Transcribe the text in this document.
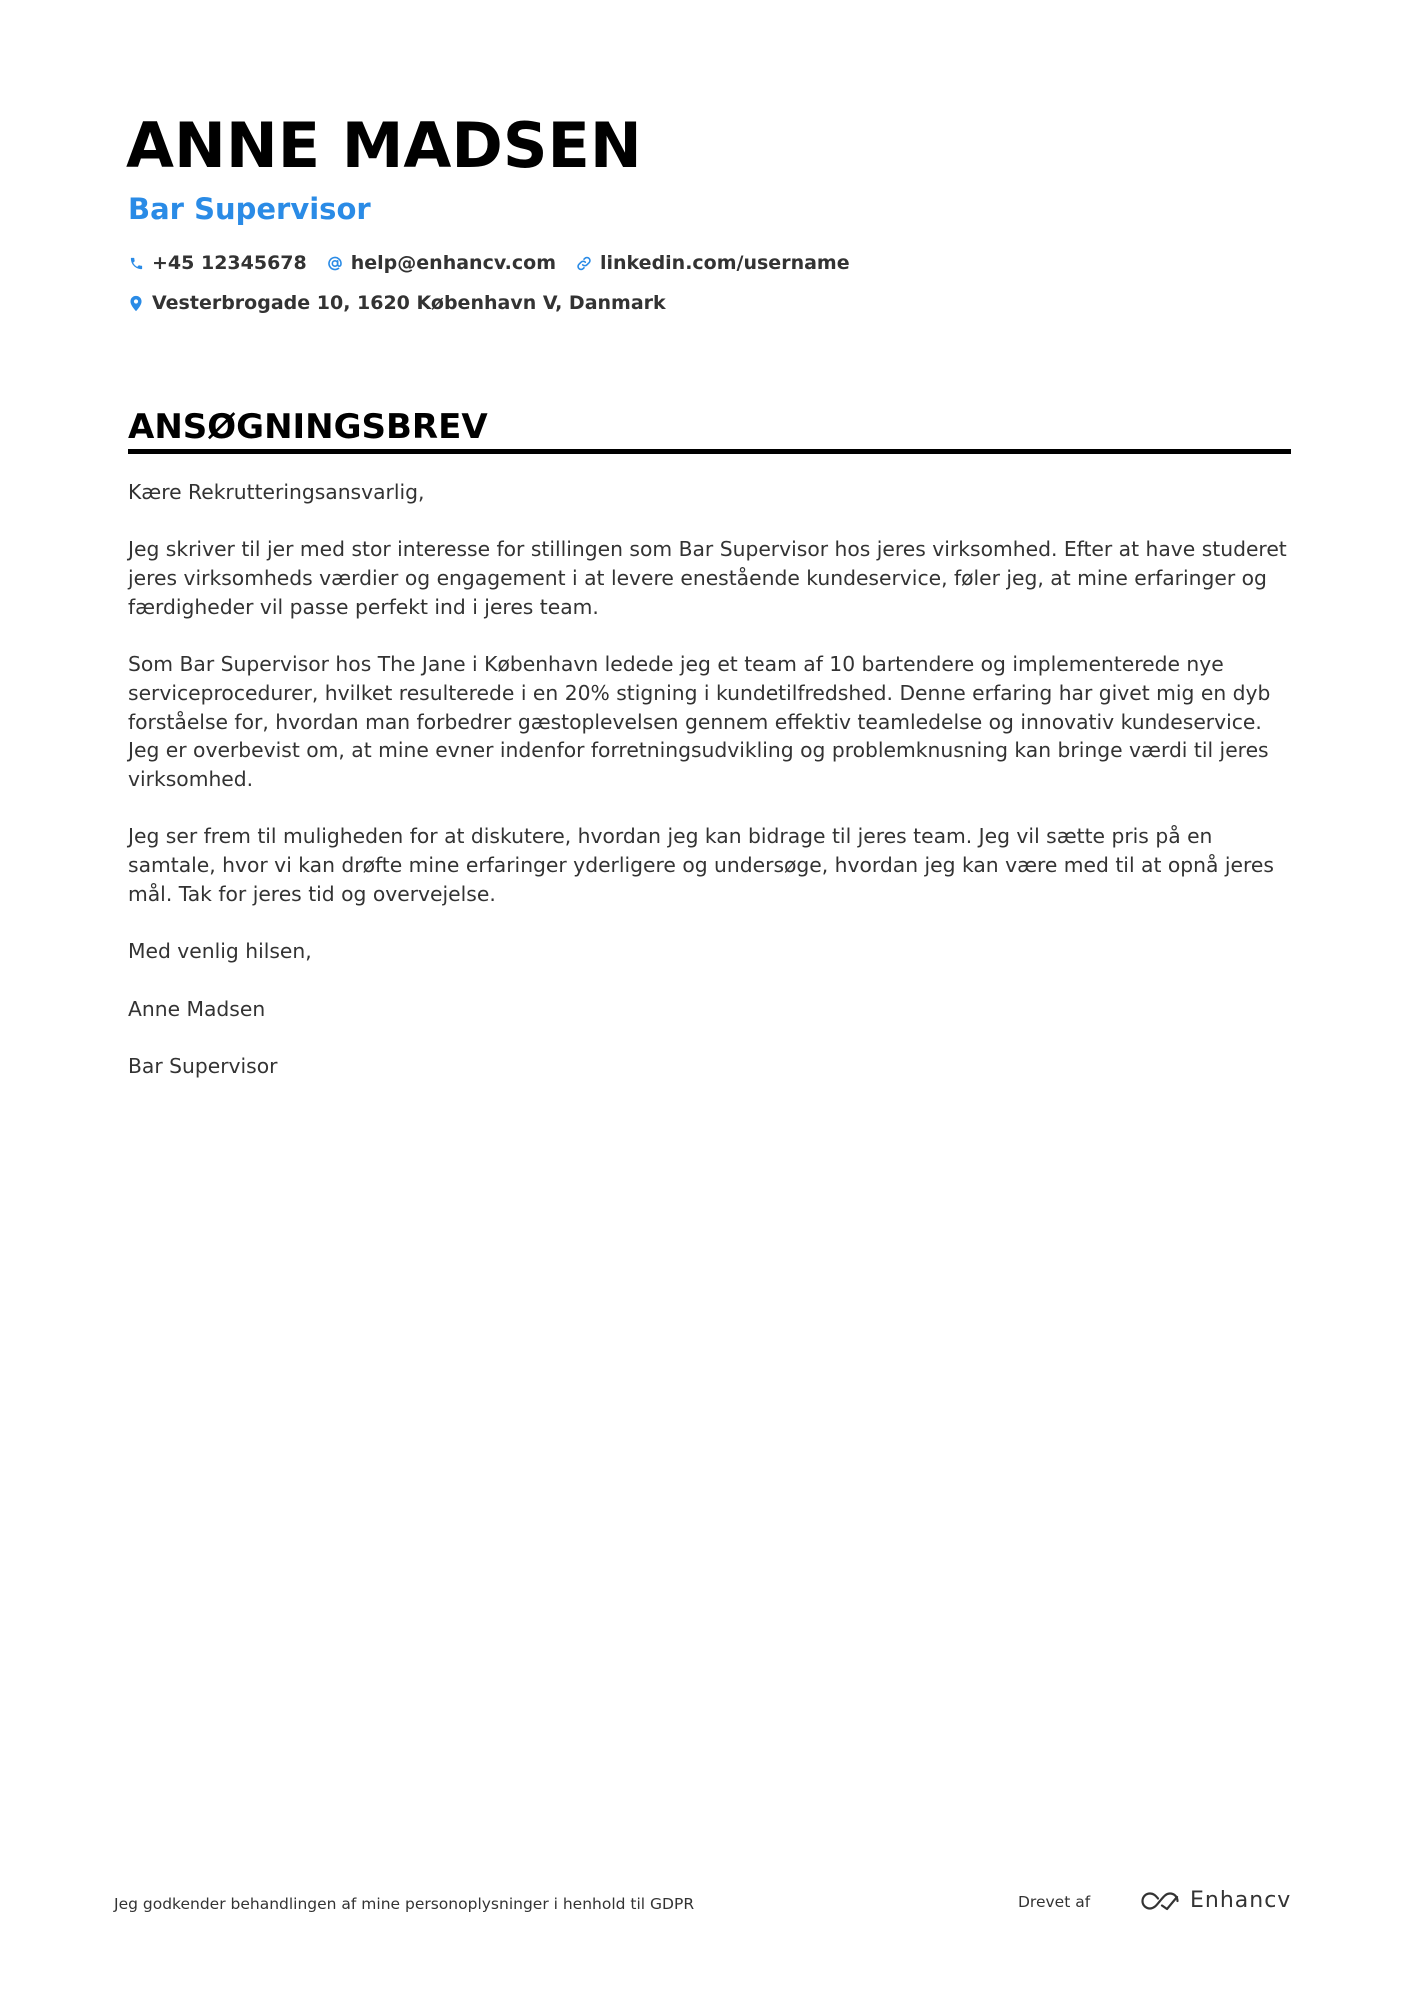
ANNE MADSEN
Bar Supervisor
+45 12345678 help@enhancv.com linkedin.com/username
Vesterbrogade 10, 1620 København V, Danmark
ANSØGNINGSBREV

Kære Rekrutteringsansvarlig,

Jeg skriver til jer med stor interesse for stillingen som Bar Supervisor hos jeres virksomhed. Efter at have studeret jeres virksomheds værdier og engagement i at levere enestående kundeservice, føler jeg, at mine erfaringer og færdigheder vil passe perfekt ind i jeres team.

Som Bar Supervisor hos The Jane i København ledede jeg et team af 10 bartendere og implementerede nye serviceprocedurer, hvilket resulterede i en 20% stigning i kundetilfredshed. Denne erfaring har givet mig en dyb forståelse for, hvordan man forbedrer gæstoplevelsen gennem effektiv teamledelse og innovativ kundeservice. Jeg er overbevist om, at mine evner indenfor forretningsudvikling og problemknusning kan bringe værdi til jeres virksomhed.

Jeg ser frem til muligheden for at diskutere, hvordan jeg kan bidrage til jeres team. Jeg vil sætte pris på en samtale, hvor vi kan drøfte mine erfaringer yderligere og undersøge, hvordan jeg kan være med til at opnå jeres mål. Tak for jeres tid og overvejelse.

Med venlig hilsen,

Anne Madsen

Bar Supervisor

Jeg godkender behandlingen af mine personoplysninger i henhold til GDPR	Drevet af	Enhancv
